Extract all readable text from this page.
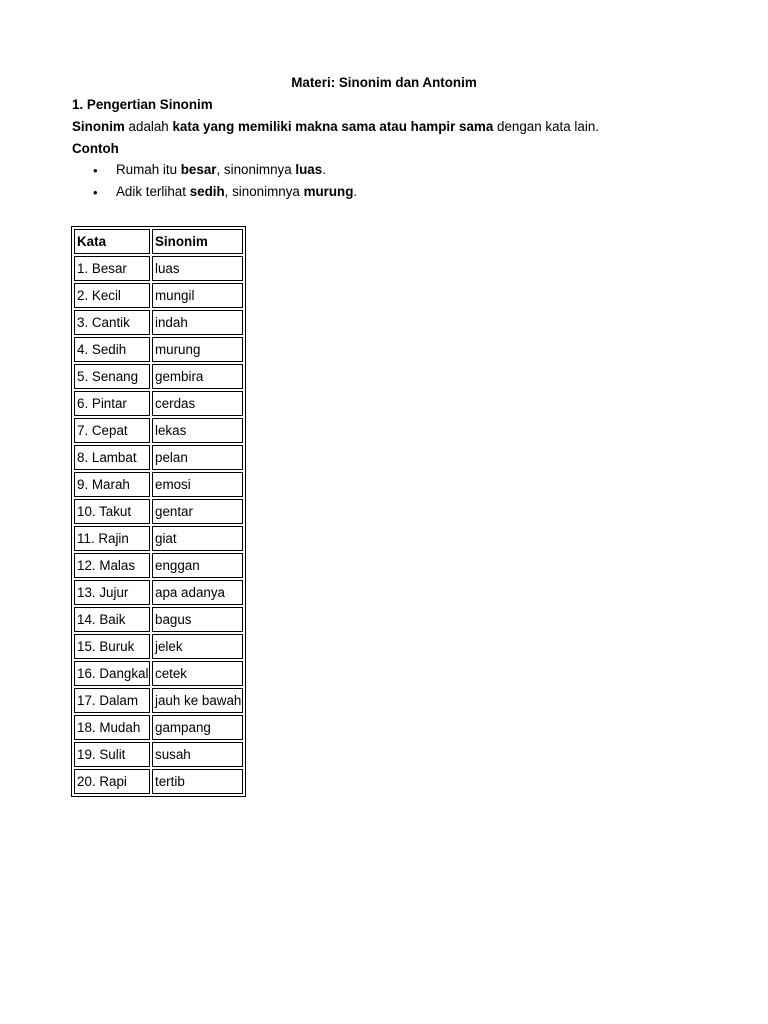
Materi: Sinonim dan Antonim
1. Pengertian Sinonim
Sinonim adalah kata yang memiliki makna sama atau hampir sama dengan kata lain.
Contoh
• Rumah itu besar, sinonimnya luas.
• Adik terlihat sedih, sinonimnya murung.
Kata	Sinonim
1. Besar	luas
2. Kecil	mungil
3. Cantik	indah
4. Sedih	murung
5. Senang	gembira
6. Pintar	cerdas
7. Cepat	lekas
8. Lambat	pelan
9. Marah	emosi
10. Takut	gentar
11. Rajin	giat
12. Malas	enggan
13. Jujur	apa adanya
14. Baik	bagus
15. Buruk	jelek
16. Dangkal	cetek
17. Dalam	jauh ke bawah
18. Mudah	gampang
19. Sulit	susah
20. Rapi	tertib
